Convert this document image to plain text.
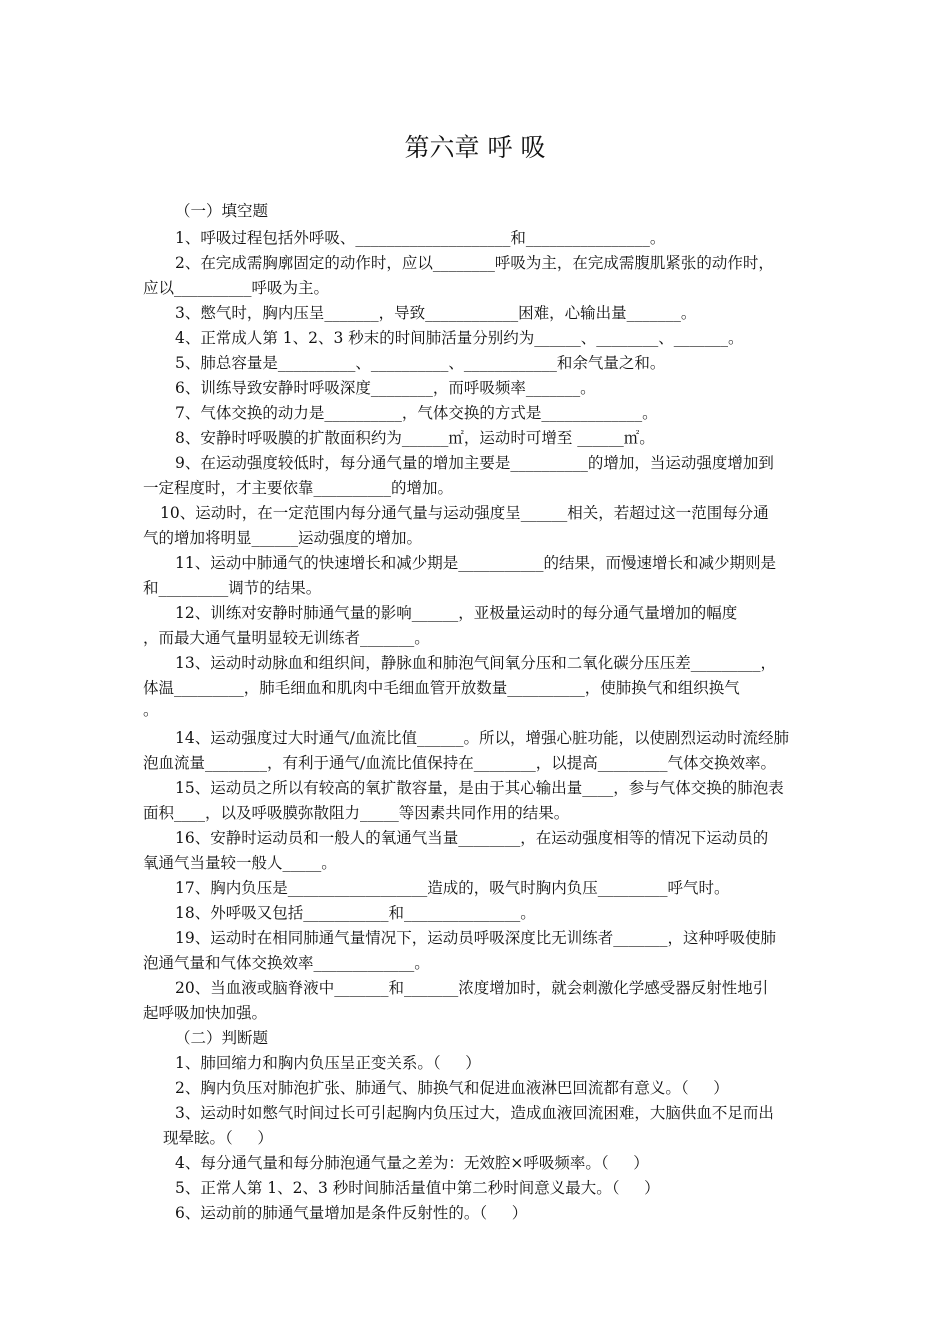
第六章 呼 吸

（一）填空题

1、呼吸过程包括外呼吸、____________________和________________。

2、在完成需胸廓固定的动作时，应以________呼吸为主，在完成需腹肌紧张的动作时，

应以__________呼吸为主。

3、憋气时，胸内压呈_______，导致____________困难，心输出量_______。

4、正常成人第 1、2、3 秒末的时间肺活量分别约为______、________、_______。

5、肺总容量是__________、__________、____________和余气量之和。

6、训练导致安静时呼吸深度________，而呼吸频率_______。

7、气体交换的动力是__________，气体交换的方式是_____________。

8、安静时呼吸膜的扩散面积约为______㎡，运动时可增至 ______㎡。

9、在运动强度较低时，每分通气量的增加主要是__________的增加，当运动强度增加到

一定程度时，才主要依靠__________的增加。

10、运动时，在一定范围内每分通气量与运动强度呈______相关，若超过这一范围每分通

气的增加将明显______运动强度的增加。

11、运动中肺通气的快速增长和减少期是___________的结果，而慢速增长和减少期则是

和_________调节的结果。

12、训练对安静时肺通气量的影响______，亚极量运动时的每分通气量增加的幅度

，而最大通气量明显较无训练者_______。

13、运动时动脉血和组织间，静脉血和肺泡气间氧分压和二氧化碳分压压差_________，

体温_________，肺毛细血和肌肉中毛细血管开放数量__________，使肺换气和组织换气

。

14、运动强度过大时通气/血流比值______。所以，增强心脏功能，以使剧烈运动时流经肺

泡血流量________，有利于通气/血流比值保持在________，以提高_________气体交换效率。

15、运动员之所以有较高的氧扩散容量，是由于其心输出量____，参与气体交换的肺泡表

面积____，以及呼吸膜弥散阻力_____等因素共同作用的结果。

16、安静时运动员和一般人的氧通气当量________，在运动强度相等的情况下运动员的

氧通气当量较一般人_____。

17、胸内负压是__________________造成的，吸气时胸内负压_________呼气时。

18、外呼吸又包括___________和_______________。

19、运动时在相同肺通气量情况下，运动员呼吸深度比无训练者_______，这种呼吸使肺

泡通气量和气体交换效率_____________。

20、当血液或脑脊液中_______和_______浓度增加时，就会刺激化学感受器反射性地引

起呼吸加快加强。

（二）判断题

1、肺回缩力和胸内负压呈正变关系。（     ）

2、胸内负压对肺泡扩张、肺通气、肺换气和促进血液淋巴回流都有意义。（     ）

3、运动时如憋气时间过长可引起胸内负压过大，造成血液回流困难，大脑供血不足而出

现晕眩。（     ）

4、每分通气量和每分肺泡通气量之差为：无效腔×呼吸频率。（     ）

5、正常人第 1、2、3 秒时间肺活量值中第二秒时间意义最大。（     ）

6、运动前的肺通气量增加是条件反射性的。（     ）
